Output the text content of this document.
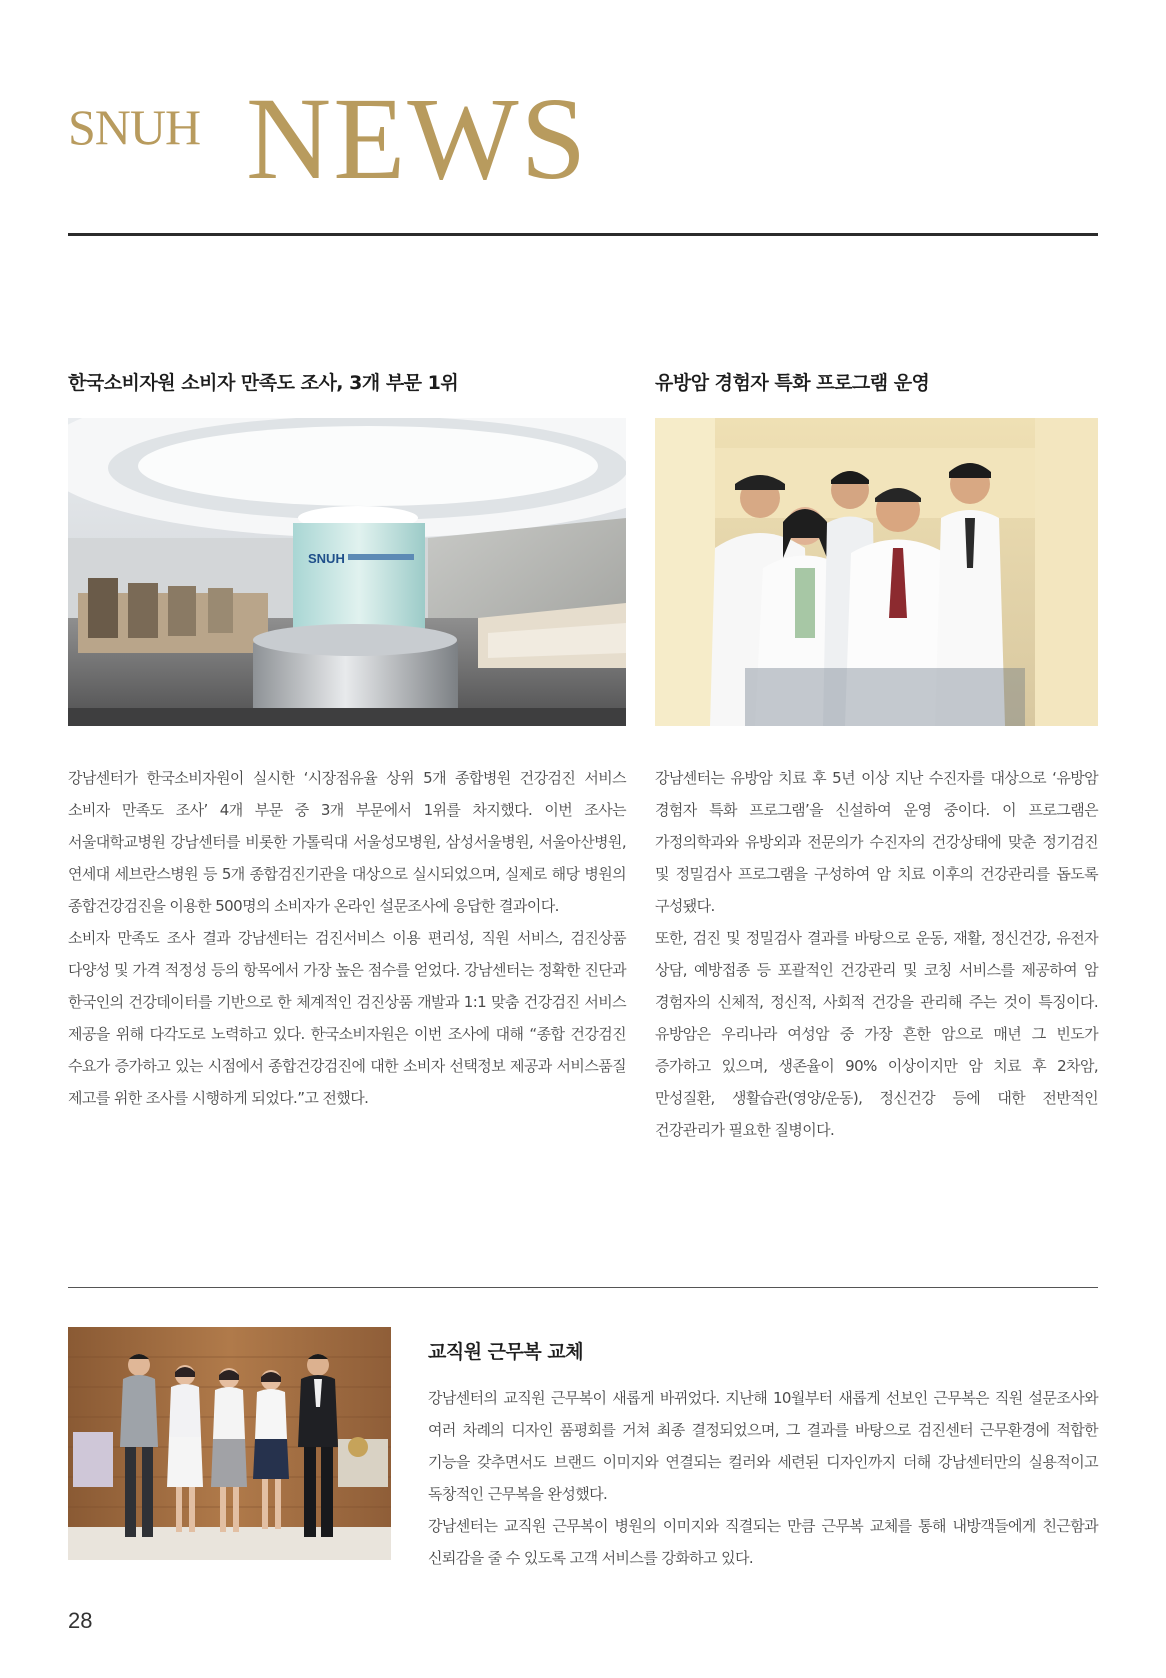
SNUH NEWS
한국소비자원 소비자 만족도 조사, 3개 부문 1위
SNUH

강남센터가 한국소비자원이 실시한 ‘시장점유율 상위 5개 종합병원 건강검진 서비스 소비자 만족도 조사’ 4개 부문 중 3개 부문에서 1위를 차지했다. 이번 조사는 서울대학교병원 강남센터를 비롯한 가톨릭대 서울성모병원, 삼성서울병원, 서울아산병원, 연세대 세브란스병원 등 5개 종합검진기관을 대상으로 실시되었으며, 실제로 해당 병원의 종합건강검진을 이용한 500명의 소비자가 온라인 설문조사에 응답한 결과이다.

소비자 만족도 조사 결과 강남센터는 검진서비스 이용 편리성, 직원 서비스, 검진상품 다양성 및 가격 적정성 등의 항목에서 가장 높은 점수를 얻었다. 강남센터는 정확한 진단과 한국인의 건강데이터를 기반으로 한 체계적인 검진상품 개발과 1:1 맞춤 건강검진 서비스 제공을 위해 다각도로 노력하고 있다. 한국소비자원은 이번 조사에 대해 “종합 건강검진 수요가 증가하고 있는 시점에서 종합건강검진에 대한 소비자 선택정보 제공과 서비스품질 제고를 위한 조사를 시행하게 되었다.”고 전했다.

유방암 경험자 특화 프로그램 운영

강남센터는 유방암 치료 후 5년 이상 지난 수진자를 대상으로 ‘유방암 경험자 특화 프로그램’을 신설하여 운영 중이다. 이 프로그램은 가정의학과와 유방외과 전문의가 수진자의 건강상태에 맞춘 정기검진 및 정밀검사 프로그램을 구성하여 암 치료 이후의 건강관리를 돕도록 구성됐다.

또한, 검진 및 정밀검사 결과를 바탕으로 운동, 재활, 정신건강, 유전자 상담, 예방접종 등 포괄적인 건강관리 및 코칭 서비스를 제공하여 암 경험자의 신체적, 정신적, 사회적 건강을 관리해 주는 것이 특징이다. 유방암은 우리나라 여성암 중 가장 흔한 암으로 매년 그 빈도가 증가하고 있으며, 생존율이 90% 이상이지만 암 치료 후 2차암, 만성질환, 생활습관(영양/운동), 정신건강 등에 대한 전반적인 건강관리가 필요한 질병이다.

교직원 근무복 교체

강남센터의 교직원 근무복이 새롭게 바뀌었다. 지난해 10월부터 새롭게 선보인 근무복은 직원 설문조사와 여러 차례의 디자인 품평회를 거쳐 최종 결정되었으며, 그 결과를 바탕으로 검진센터 근무환경에 적합한 기능을 갖추면서도 브랜드 이미지와 연결되는 컬러와 세련된 디자인까지 더해 강남센터만의 실용적이고 독창적인 근무복을 완성했다.

강남센터는 교직원 근무복이 병원의 이미지와 직결되는 만큼 근무복 교체를 통해 내방객들에게 친근함과 신뢰감을 줄 수 있도록 고객 서비스를 강화하고 있다.

28
